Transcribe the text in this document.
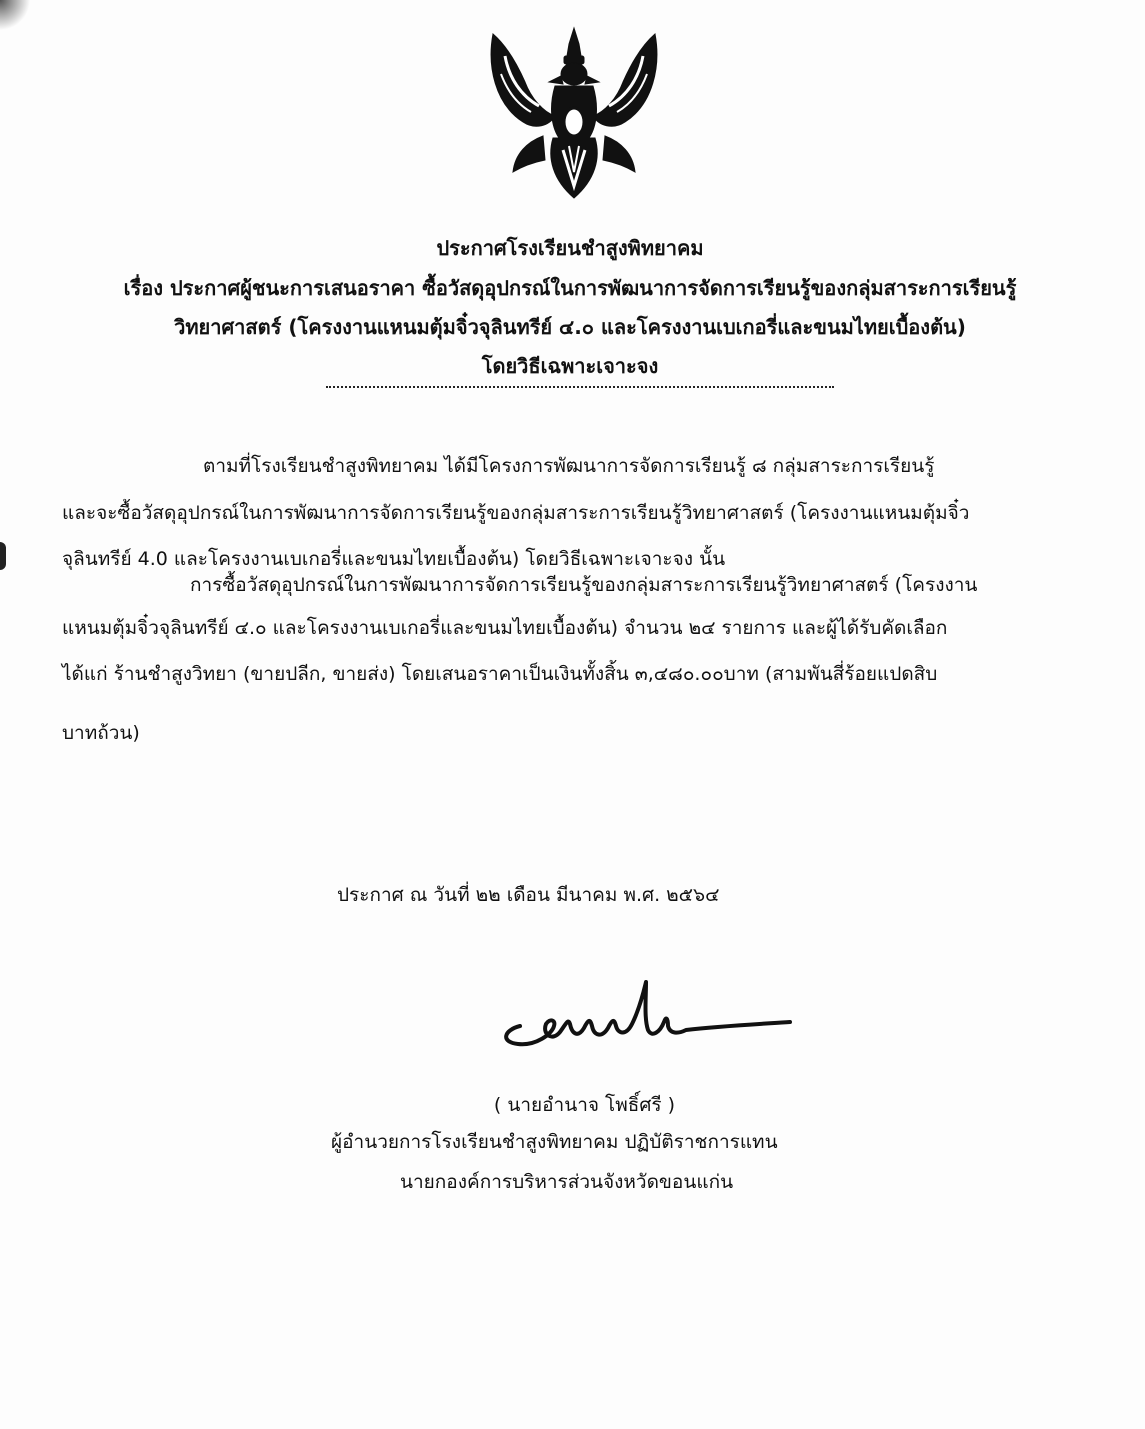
ประกาศโรงเรียนชำสูงพิทยาคม
เรื่อง ประกาศผู้ชนะการเสนอราคา ซื้อวัสดุอุปกรณ์ในการพัฒนาการจัดการเรียนรู้ของกลุ่มสาระการเรียนรู้
วิทยาศาสตร์ (โครงงานแหนมตุ้มจิ๋วจุลินทรีย์ ๔.๐ และโครงงานเบเกอรี่และขนมไทยเบื้องต้น)
โดยวิธีเฉพาะเจาะจง
ตามที่โรงเรียนชำสูงพิทยาคม ได้มีโครงการพัฒนาการจัดการเรียนรู้ ๘ กลุ่มสาระการเรียนรู้
และจะซื้อวัสดุอุปกรณ์ในการพัฒนาการจัดการเรียนรู้ของกลุ่มสาระการเรียนรู้วิทยาศาสตร์ (โครงงานแหนมตุ้มจิ๋ว
จุลินทรีย์ 4.0 และโครงงานเบเกอรี่และขนมไทยเบื้องต้น) โดยวิธีเฉพาะเจาะจง นั้น
การซื้อวัสดุอุปกรณ์ในการพัฒนาการจัดการเรียนรู้ของกลุ่มสาระการเรียนรู้วิทยาศาสตร์ (โครงงาน
แหนมตุ้มจิ๋วจุลินทรีย์ ๔.๐ และโครงงานเบเกอรี่และขนมไทยเบื้องต้น) จำนวน ๒๔ รายการ และผู้ได้รับคัดเลือก
ได้แก่ ร้านชำสูงวิทยา (ขายปลีก, ขายส่ง) โดยเสนอราคาเป็นเงินทั้งสิ้น ๓,๔๘๐.๐๐บาท (สามพันสี่ร้อยแปดสิบ
บาทถ้วน)
ประกาศ ณ วันที่ ๒๒ เดือน มีนาคม พ.ศ. ๒๕๖๔
( นายอำนาจ โพธิ์ศรี )
ผู้อำนวยการโรงเรียนชำสูงพิทยาคม ปฏิบัติราชการแทน
นายกองค์การบริหารส่วนจังหวัดขอนแก่น
